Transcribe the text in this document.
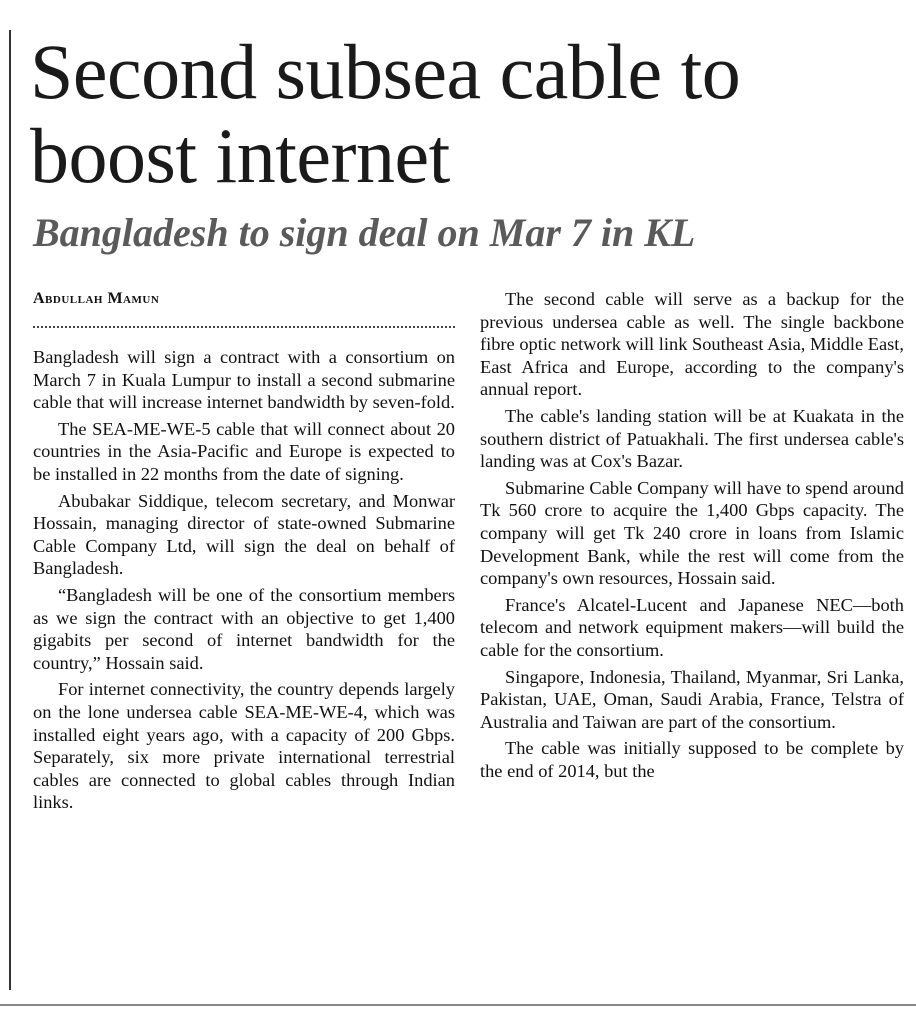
Second subsea cable to boost internet
Bangladesh to sign deal on Mar 7 in KL
Abdullah Mamun

Bangladesh will sign a contract with a consortium on March 7 in Kuala Lumpur to install a second submarine cable that will increase internet bandwidth by seven-fold.

The SEA-ME-WE-5 cable that will connect about 20 countries in the Asia-Pacific and Europe is expected to be installed in 22 months from the date of signing.

Abubakar Siddique, telecom secretary, and Monwar Hossain, managing director of state-owned Submarine Cable Company Ltd, will sign the deal on behalf of Bangladesh.

“Bangladesh will be one of the consortium members as we sign the contract with an objective to get 1,400 gigabits per second of internet bandwidth for the country,” Hossain said.

For internet connectivity, the country depends largely on the lone undersea cable SEA-ME-WE-4, which was installed eight years ago, with a capacity of 200 Gbps. Separately, six more private international terrestrial cables are connected to global cables through Indian links.

The second cable will serve as a backup for the previous undersea cable as well. The single backbone fibre optic network will link Southeast Asia, Middle East, East Africa and Europe, according to the company's annual report.

The cable's landing station will be at Kuakata in the southern district of Patuakhali. The first undersea cable's landing was at Cox's Bazar.

Submarine Cable Company will have to spend around Tk 560 crore to acquire the 1,400 Gbps capacity. The company will get Tk 240 crore in loans from Islamic Development Bank, while the rest will come from the company's own resources, Hossain said.

France's Alcatel-Lucent and Japanese NEC—both telecom and network equipment makers—will build the cable for the consortium.

Singapore, Indonesia, Thailand, Myanmar, Sri Lanka, Pakistan, UAE, Oman, Saudi Arabia, France, Telstra of Australia and Taiwan are part of the consortium.

The cable was initially supposed to be complete by the end of 2014, but the
